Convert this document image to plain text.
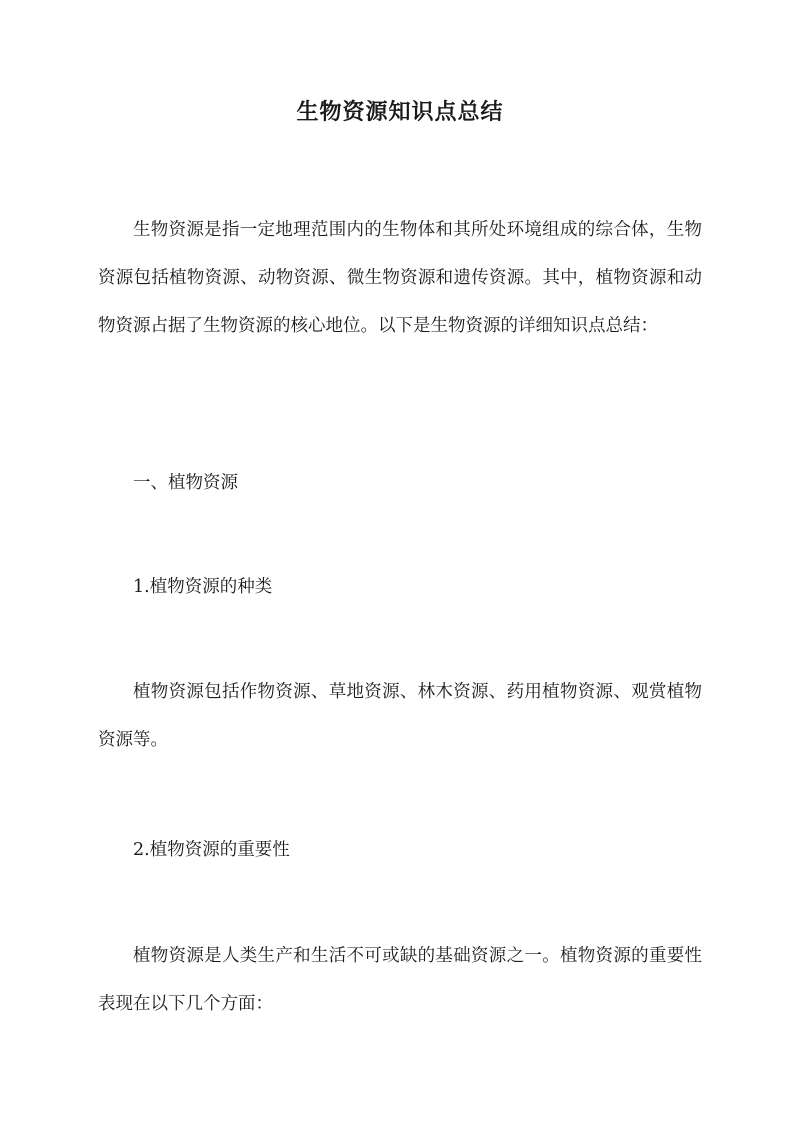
生物资源知识点总结

生物资源是指一定地理范围内的生物体和其所处环境组成的综合体，生物资源包括植物资源、动物资源、微生物资源和遗传资源。其中，植物资源和动物资源占据了生物资源的核心地位。以下是生物资源的详细知识点总结：

一、植物资源

1.植物资源的种类

植物资源包括作物资源、草地资源、林木资源、药用植物资源、观赏植物资源等。

2.植物资源的重要性

植物资源是人类生产和生活不可或缺的基础资源之一。植物资源的重要性表现在以下几个方面：
